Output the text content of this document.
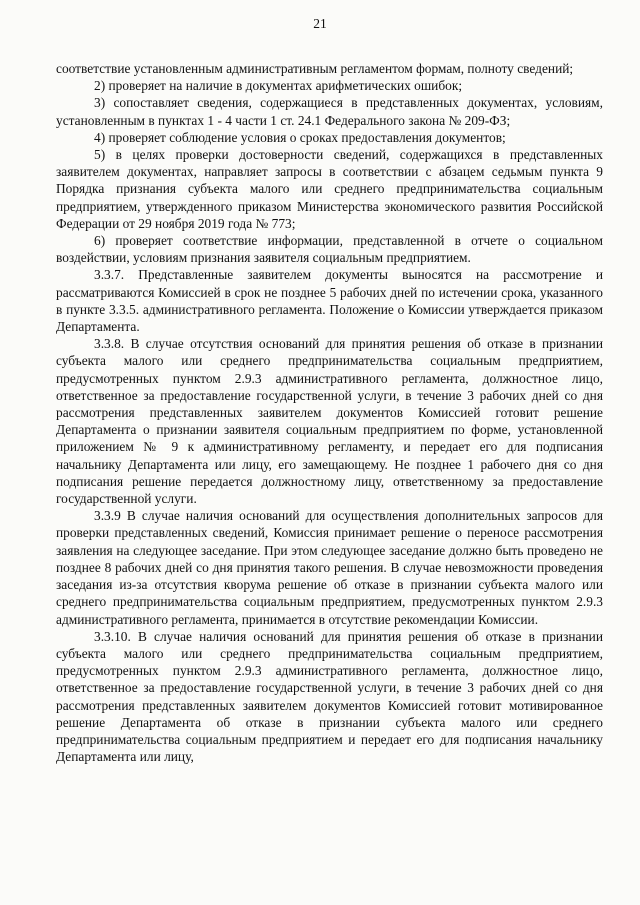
21

соответствие установленным административным регламентом формам, полноту сведений;

2) проверяет на наличие в документах арифметических ошибок;

3) сопоставляет сведения, содержащиеся в представленных документах, условиям, установленным в пунктах 1 - 4 части 1 ст. 24.1 Федерального закона № 209-ФЗ;

4) проверяет соблюдение условия о сроках предоставления документов;

5) в целях проверки достоверности сведений, содержащихся в представленных заявителем документах, направляет запросы в соответствии с абзацем седьмым пункта 9 Порядка признания субъекта малого или среднего предпринимательства социальным предприятием, утвержденного приказом Министерства экономического развития Российской Федерации от 29 ноября 2019 года № 773;

6) проверяет соответствие информации, представленной в отчете о социальном воздействии, условиям признания заявителя социальным предприятием.

3.3.7. Представленные заявителем документы выносятся на рассмотрение и рассматриваются Комиссией в срок не позднее 5 рабочих дней по истечении срока, указанного в пункте 3.3.5. административного регламента. Положение о Комиссии утверждается приказом Департамента.

3.3.8. В случае отсутствия оснований для принятия решения об отказе в признании субъекта малого или среднего предпринимательства социальным предприятием, предусмотренных пунктом 2.9.3 административного регламента, должностное лицо, ответственное за предоставление государственной услуги, в течение 3 рабочих дней со дня рассмотрения представленных заявителем документов Комиссией готовит решение Департамента о признании заявителя социальным предприятием по форме, установленной приложением № 9 к административному регламенту, и передает его для подписания начальнику Департамента или лицу, его замещающему. Не позднее 1 рабочего дня со дня подписания решение передается должностному лицу, ответственному за предоставление государственной услуги.

3.3.9 В случае наличия оснований для осуществления дополнительных запросов для проверки представленных сведений, Комиссия принимает решение о переносе рассмотрения заявления на следующее заседание. При этом следующее заседание должно быть проведено не позднее 8 рабочих дней со дня принятия такого решения. В случае невозможности проведения заседания из-за отсутствия кворума решение об отказе в признании субъекта малого или среднего предпринимательства социальным предприятием, предусмотренных пунктом 2.9.3 административного регламента, принимается в отсутствие рекомендации Комиссии.

3.3.10. В случае наличия оснований для принятия решения об отказе в признании субъекта малого или среднего предпринимательства социальным предприятием, предусмотренных пунктом 2.9.3 административного регламента, должностное лицо, ответственное за предоставление государственной услуги, в течение 3 рабочих дней со дня рассмотрения представленных заявителем документов Комиссией готовит мотивированное решение Департамента об отказе в признании субъекта малого или среднего предпринимательства социальным предприятием и передает его для подписания начальнику Департамента или лицу,
